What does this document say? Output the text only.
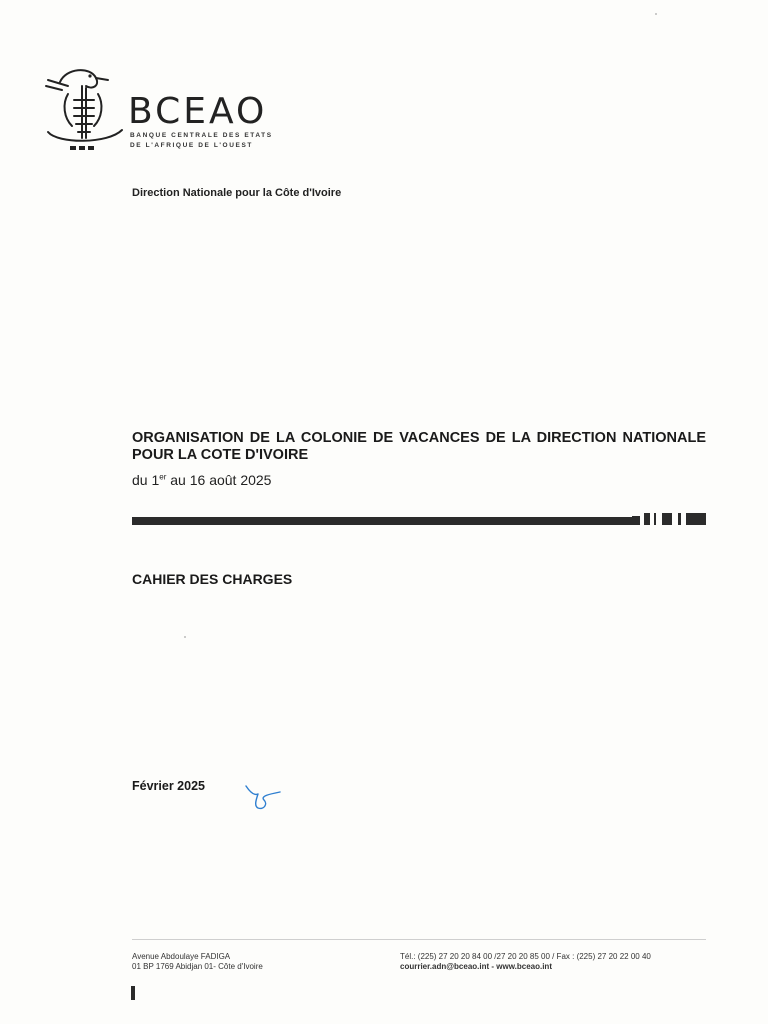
BCEAO
BANQUE CENTRALE DES ETATS
DE L'AFRIQUE DE L'OUEST
Direction Nationale pour la Côte d'Ivoire
ORGANISATION DE LA COLONIE DE VACANCES DE LA DIRECTION NATIONALE POUR LA COTE D'IVOIRE
du 1er au 16 août 2025
CAHIER DES CHARGES
Février 2025
Avenue Abdoulaye FADIGA
01 BP 1769 Abidjan 01- Côte d'Ivoire
Tél.: (225) 27 20 20 84 00 /27 20 20 85 00 / Fax : (225) 27 20 22 00 40
courrier.adn@bceao.int - www.bceao.int
